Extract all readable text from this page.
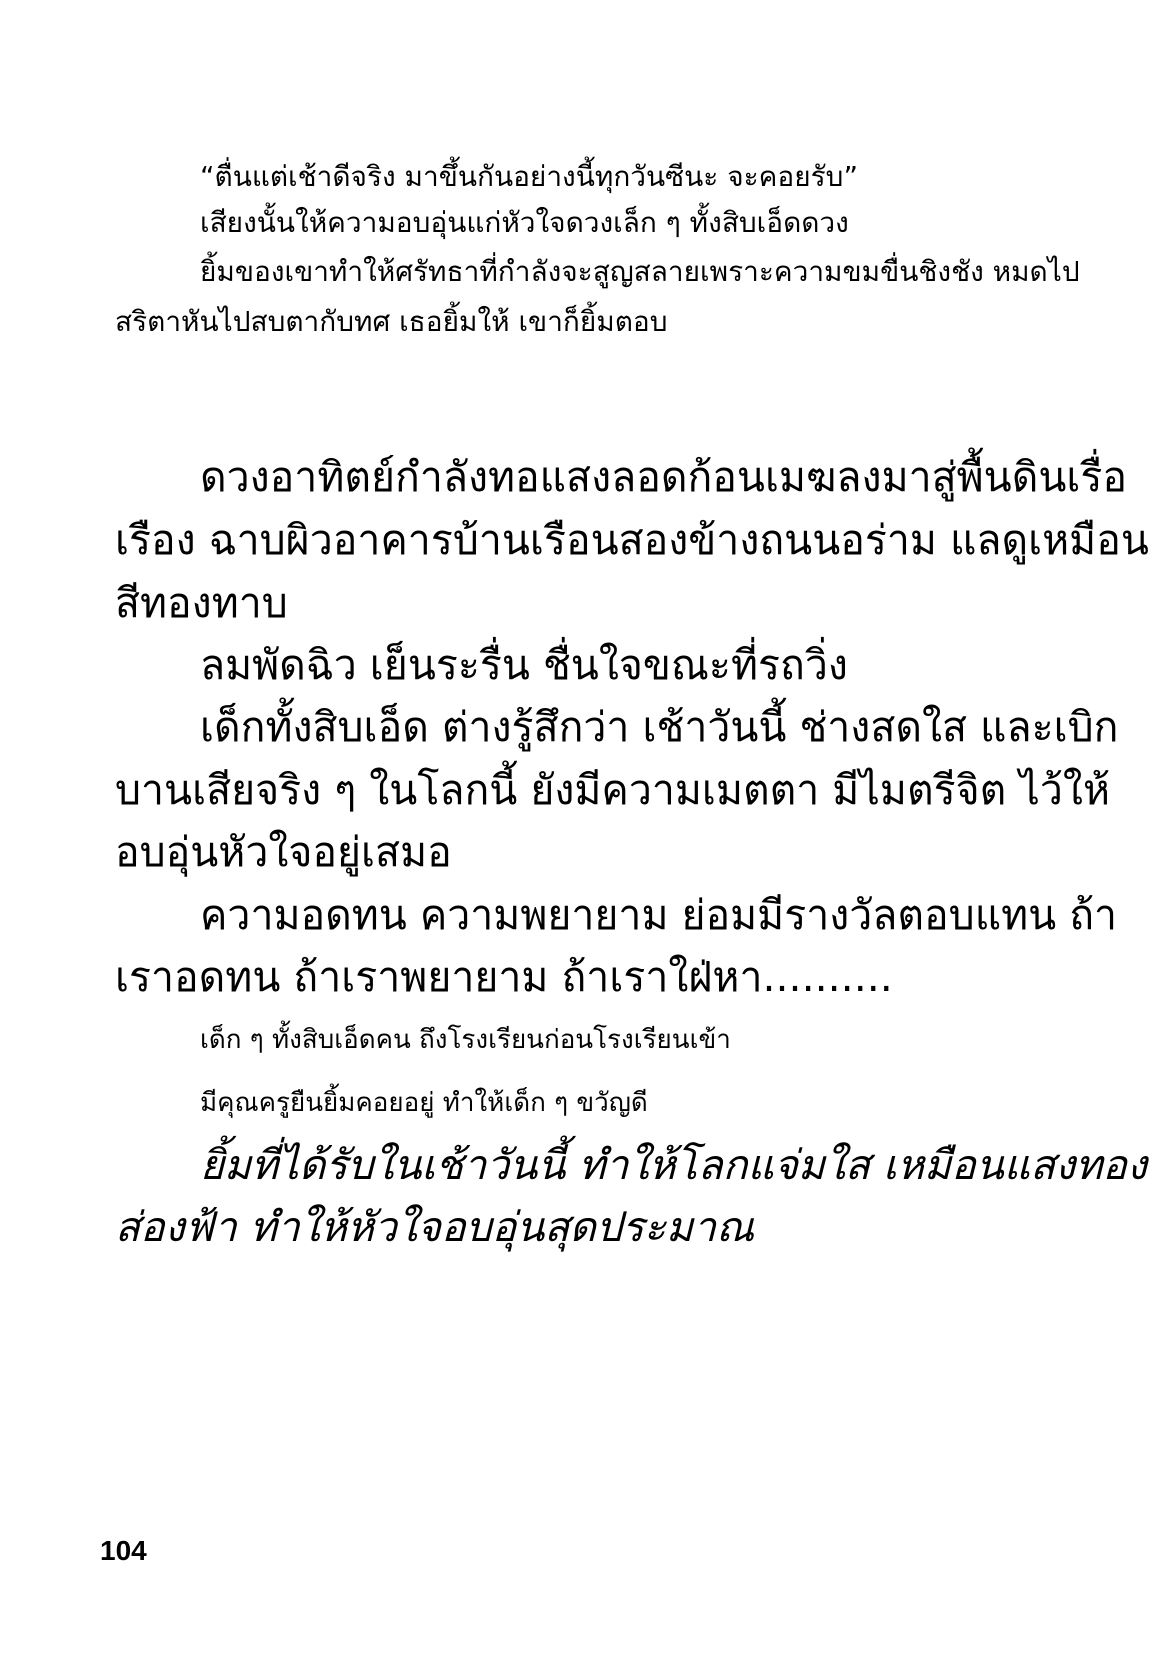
“ตื่นแต่เช้าดีจริง มาขึ้นกันอย่างนี้ทุกวันซีนะ จะคอยรับ”
เสียงนั้นให้ความอบอุ่นแก่หัวใจดวงเล็ก ๆ ทั้งสิบเอ็ดดวง
ยิ้มของเขาทำให้ศรัทธาที่กำลังจะสูญสลายเพราะความขมขื่นชิงชัง หมดไป
สริตาหันไปสบตากับทศ เธอยิ้มให้ เขาก็ยิ้มตอบ
ดวงอาทิตย์กำลังทอแสงลอดก้อนเมฆลงมาสู่พื้นดินเรื่อ
เรือง ฉาบผิวอาคารบ้านเรือนสองข้างถนนอร่าม แลดูเหมือน
สีทองทาบ
ลมพัดฉิว เย็นระรื่น ชื่นใจขณะที่รถวิ่ง
เด็กทั้งสิบเอ็ด ต่างรู้สึกว่า เช้าวันนี้ ช่างสดใส และเบิก
บานเสียจริง ๆ ในโลกนี้ ยังมีความเมตตา มีไมตรีจิต ไว้ให้
อบอุ่นหัวใจอยู่เสมอ
ความอดทน ความพยายาม ย่อมมีรางวัลตอบแทน ถ้า
เราอดทน ถ้าเราพยายาม ถ้าเราใฝ่หา..........
เด็ก ๆ ทั้งสิบเอ็ดคน ถึงโรงเรียนก่อนโรงเรียนเข้า
มีคุณครูยืนยิ้มคอยอยู่ ทำให้เด็ก ๆ ขวัญดี
ยิ้มที่ได้รับในเช้าวันนี้ ทำให้โลกแจ่มใส เหมือนแสงทอง
ส่องฟ้า ทำให้หัวใจอบอุ่นสุดประมาณ
104
